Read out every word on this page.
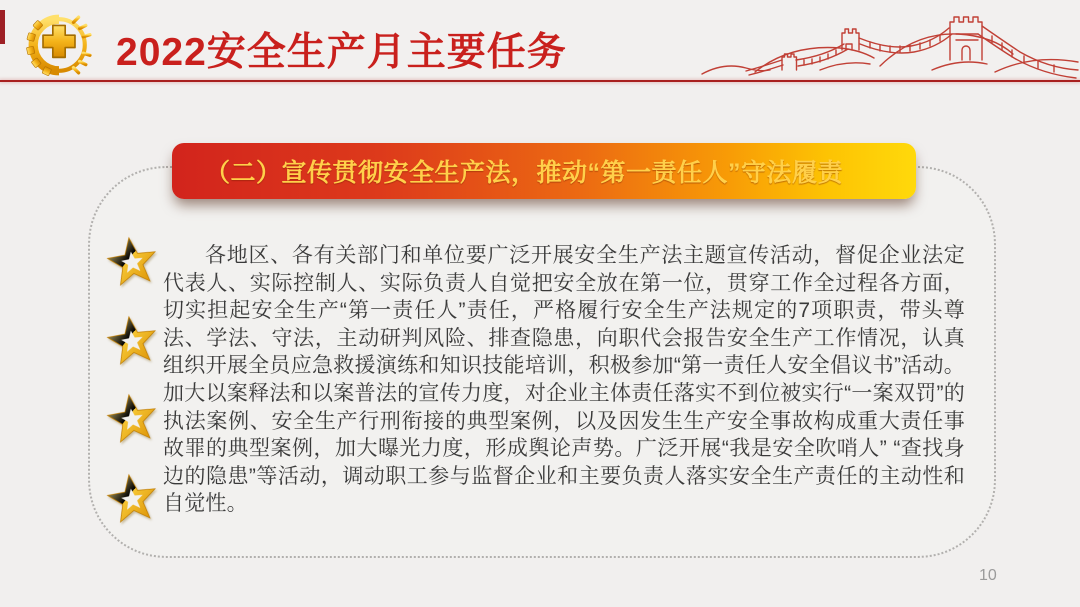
2022安全生产月主要任务
（二）宣传贯彻安全生产法，推动“第一责任人”守法履责
各地区、各有关部门和单位要广泛开展安全生产法主题宣传活动，督促企业法定代表人、实际控制人、实际负责人自觉把安全放在第一位，贯穿工作全过程各方面，切实担起安全生产“第一责任人”责任，严格履行安全生产法规定的7项职责，带头尊法、学法、守法，主动研判风险、排查隐患，向职代会报告安全生产工作情况，认真组织开展全员应急救援演练和知识技能培训，积极参加“第一责任人安全倡议书”活动。加大以案释法和以案普法的宣传力度，对企业主体责任落实不到位被实行“一案双罚”的执法案例、安全生产行刑衔接的典型案例，以及因发生生产安全事故构成重大责任事故罪的典型案例，加大曝光力度，形成舆论声势。广泛开展“我是安全吹哨人” “查找身边的隐患”等活动，调动职工参与监督企业和主要负责人落实安全生产责任的主动性和自觉性。
10
